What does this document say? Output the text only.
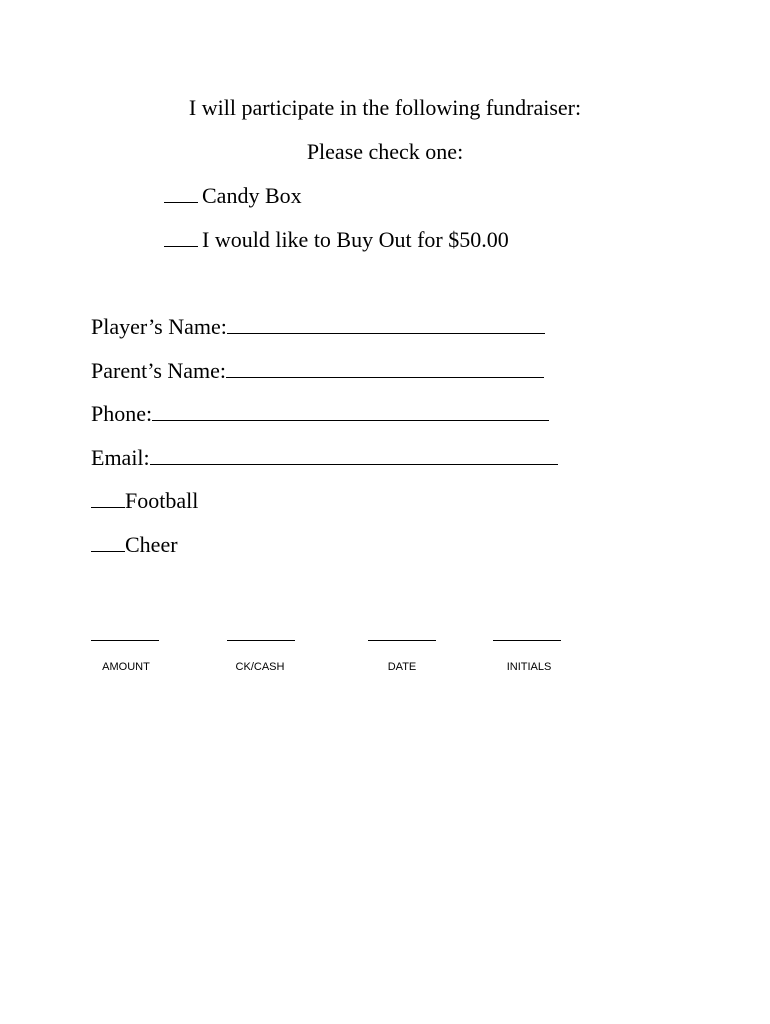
I will participate in the following fundraiser:
Please check one:
Candy Box
I would like to Buy Out for $50.00
Player’s Name:
Parent’s Name:
Phone:
Email:
Football
Cheer
AMOUNT	CK/CASH	DATE	INITIALS
